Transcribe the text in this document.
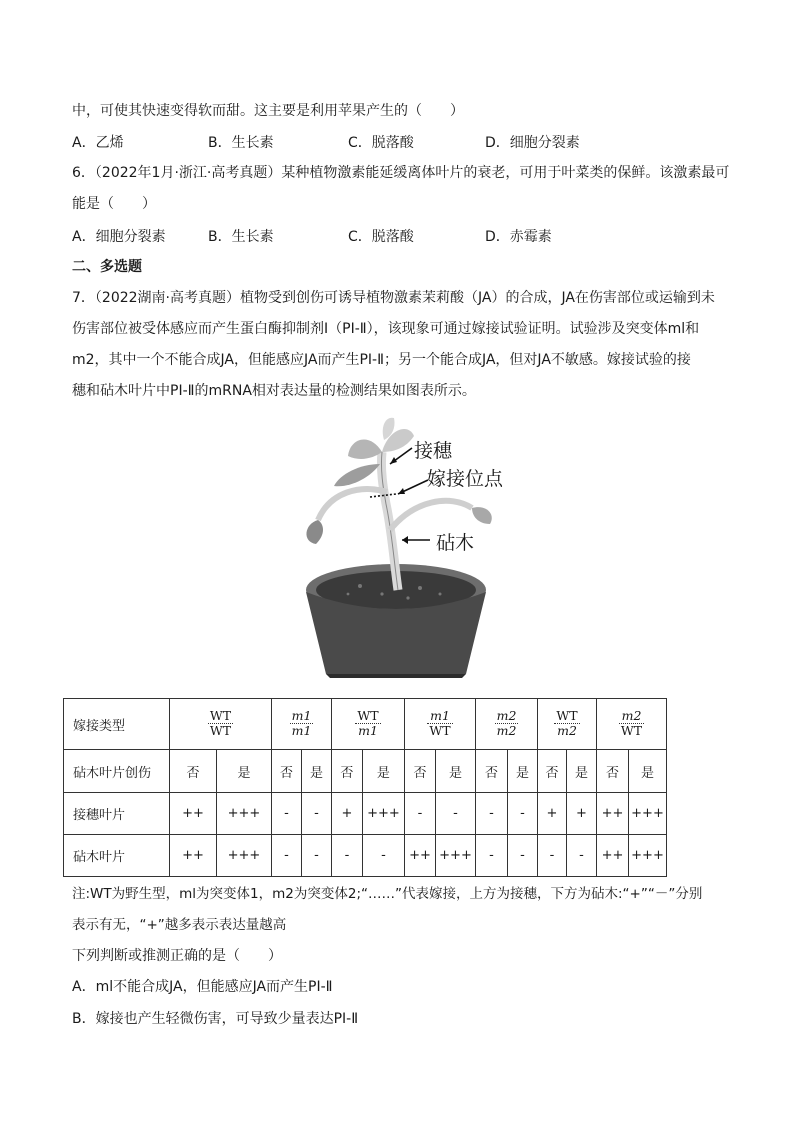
中，可使其快速变得软而甜。这主要是利用苹果产生的（　　）
A．乙烯	B．生长素	C．脱落酸	D．细胞分裂素
6．（2022年1月·浙江·高考真题）某种植物激素能延缓离体叶片的衰老，可用于叶菜类的保鲜。该激素最可
能是（　　）
A．细胞分裂素	B．生长素	C．脱落酸	D．赤霉素
二、多选题
7．（2022湖南·高考真题）植物受到创伤可诱导植物激素茉莉酸（JA）的合成，JA在伤害部位或运输到未
伤害部位被受体感应而产生蛋白酶抑制剂Ⅰ（PI-Ⅱ），该现象可通过嫁接试验证明。试验涉及突变体ml和
m2，其中一个不能合成JA，但能感应JA而产生PI-Ⅱ；另一个能合成JA，但对JA不敏感。嫁接试验的接
穗和砧木叶片中PI-Ⅱ的mRNA相对表达量的检测结果如图表所示。
接穗
嫁接位点
砧木
嫁接类型	$\frac{WT}{WT}$		$\frac{m1}{m1}$		$\frac{WT}{m1}$		$\frac{m1}{WT}$		$\frac{m2}{m2}$		$\frac{WT}{m2}$		$\frac{m2}{WT}$

砧木叶片创伤	否	是	否	是	否	是	否	是	否	是	否	是	否	是
接穗叶片	++	+++	-	-	+	+++	-	-	-	-	+	+	++	+++
砧木叶片	++	+++	-	-	-	-	++	+++	-	-	-	-	++	+++
注:WT为野生型，ml为突变体1，m2为突变体2;“……”代表嫁接，上方为接穗，下方为砧木:“+”“－”分别
表示有无，“+”越多表示表达量越高
下列判断或推测正确的是（　　）
A．ml不能合成JA，但能感应JA而产生PI-Ⅱ
B．嫁接也产生轻微伤害，可导致少量表达PI-Ⅱ
